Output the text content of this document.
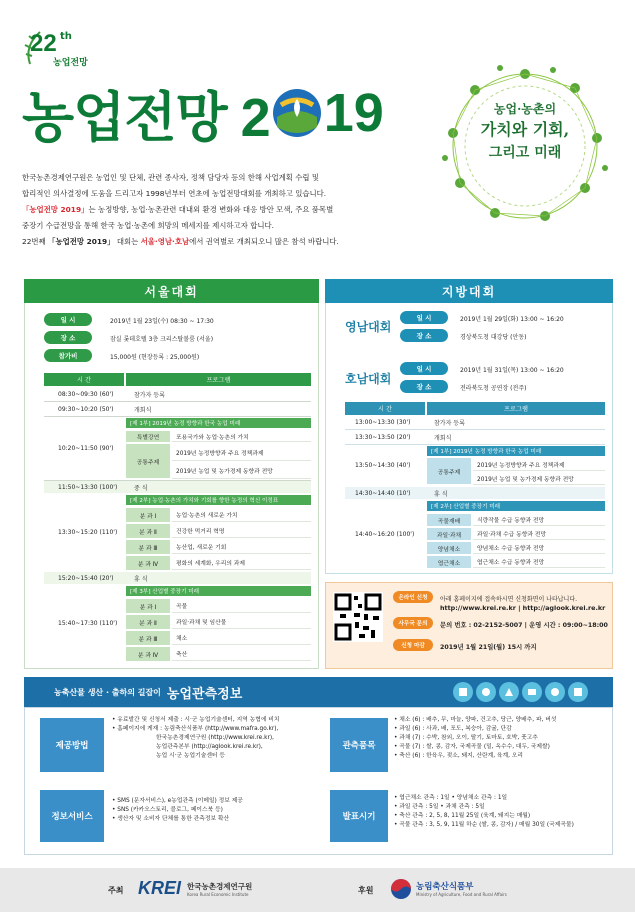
22 th
농업전망
농업전망 2 19	농업·농촌의
가치와 기회,
그리고 미래
한국농촌경제연구원은 농업인 및 단체, 관련 종사자, 정책 담당자 등의 한해 사업계획 수립 및
합리적인 의사결정에 도움을 드리고자 1998년부터 연초에 농업전망대회를 개최하고 있습니다.
「농업전망 2019」는 농정방향, 농업·농촌관련 대내외 환경 변화와 대응 방안 모색, 주요 품목별
중장기 수급전망을 통해 한국 농업·농촌에 희망의 메세지를 제시하고자 합니다.
22번째 「농업전망 2019」 대회는 서울·영남·호남에서 권역별로 개최되오니 많은 참석 바랍니다.
서울대회
일 시	2019년 1월 23일(수) 08:30 ~ 17:30
장 소	잠실 롯데호텔 3층 크리스탈볼룸 (서울)
참가비	15,000원 (현장등록 : 25,000원)
시 간	프로그램
08:30~09:30 (60')	참가자 등록
09:30~10:20 (50')	개회식
10:20~11:50 (90')
[제 1부] 2019년 농정 방향과 한국 농업 미래
특별강연	포용국가와 농업·농촌의 가치
공통주제
2019년 농정방향과 주요 정책과제
2019년 농업 및 농가경제 동향과 전망
11:50~13:30 (100')	중 식
13:30~15:20 (110')
[제 2부] 농업·농촌의 가치와 기회를 향한 농정의 혁신 이정표
분 과 Ⅰ	농업·농촌의 새로운 가치
분 과 Ⅱ	건강한 먹거리 혁명
분 과 Ⅲ	농산업, 새로운 기회
분 과 Ⅳ	평화의 세계화, 우리의 과제
15:20~15:40 (20')	휴 식
15:40~17:30 (110')
[제 3부] 산업별 중장기 미래
분 과 Ⅰ	곡물
분 과 Ⅱ	과일·과채 및 임산물
분 과 Ⅲ	채소
분 과 Ⅳ	축산
지방대회
영남대회
일 시	2019년 1월 29일(화) 13:00 ~ 16:20
장 소	경상북도청 대강당 (안동)
호남대회
일 시	2019년 1월 31일(목) 13:00 ~ 16:20
장 소	전라북도청 공연장 (전주)
시 간	프로그램
13:00~13:30 (30')	참가자 등록
13:30~13:50 (20')	개회식
13:50~14:30 (40')
[제 1부] 2019년 농정 방향과 한국 농업 미래
공통주제
2019년 농정방향과 주요 정책과제
2019년 농업 및 농가경제 동향과 전망
14:30~14:40 (10')	휴 식
14:40~16:20 (100')
[제 2부] 산업별 중장기 미래
곡물재배	식량작물 수급 동향과 전망
과일·과채	과일·과채 수급 동향과 전망
양념채소	양념채소 수급 동향과 전망
엽근채소	엽근채소 수급 동향과 전망
온라인 신청	아래 홈페이지에 접속하시면 신청화면이 나타납니다.
http://www.krei.re.kr | http://aglook.krei.re.kr
사무국 문의	문의 번호 : 02-2152-5007 | 운영 시간 : 09:00~18:00
신청 마감	2019년 1월 21일(월) 15시 까지
농축산물 생산 · 출하의 길잡이 농업관측정보
제공방법
• 유료발간 및 신청서 제출 : 시·군 농업기술센터, 지역 농협에 비치
• 홈페이지에 게재 : 농림축산식품부 (http://www.mafra.go.kr),
한국농촌경제연구원 (http://www.krei.re.kr),
농업관측본부 (http://aglook.krei.re.kr),
농업 시·군 농업기술센터 등
정보서비스
• SMS (문자서비스), e농업관측 (이메일) 정보 제공
• SNS (카카오스토리, 블로그, 페이스북 등)
• 생산자 및 소비자 단체를 통한 관측정보 확산
관측품목
• 채소 (6) : 배추, 무, 마늘, 양파, 건고추, 당근, 양배추, 파, 버섯
• 과일 (6) : 사과, 배, 포도, 복숭아, 감귤, 단감
• 과채 (7) : 수박, 참외, 오이, 딸기, 토마토, 호박, 풋고추
• 곡물 (7) : 쌀, 콩, 감자, 국제곡물 (밀, 옥수수, 대두, 국제쌀)
• 축산 (6) : 한육우, 젖소, 돼지, 산란계, 육계, 오리
발표시기
• 엽근채소 관측 : 1일 • 양념채소 관측 : 1일
• 과일 관측 : 5일 • 과채 관측 : 5일
• 축산 관측 : 2, 5, 8, 11월 25일 (육계, 돼지는 매월)
• 곡물 관측 : 3, 5, 9, 11월 하순 (쌀, 콩, 감자) / 매월 30일 (국제곡물)
주최 KREI 한국농촌경제연구원
Korea Rural Economic Institute	후원	농림축산식품부
Ministry of Agriculture, Food and Rural Affairs
